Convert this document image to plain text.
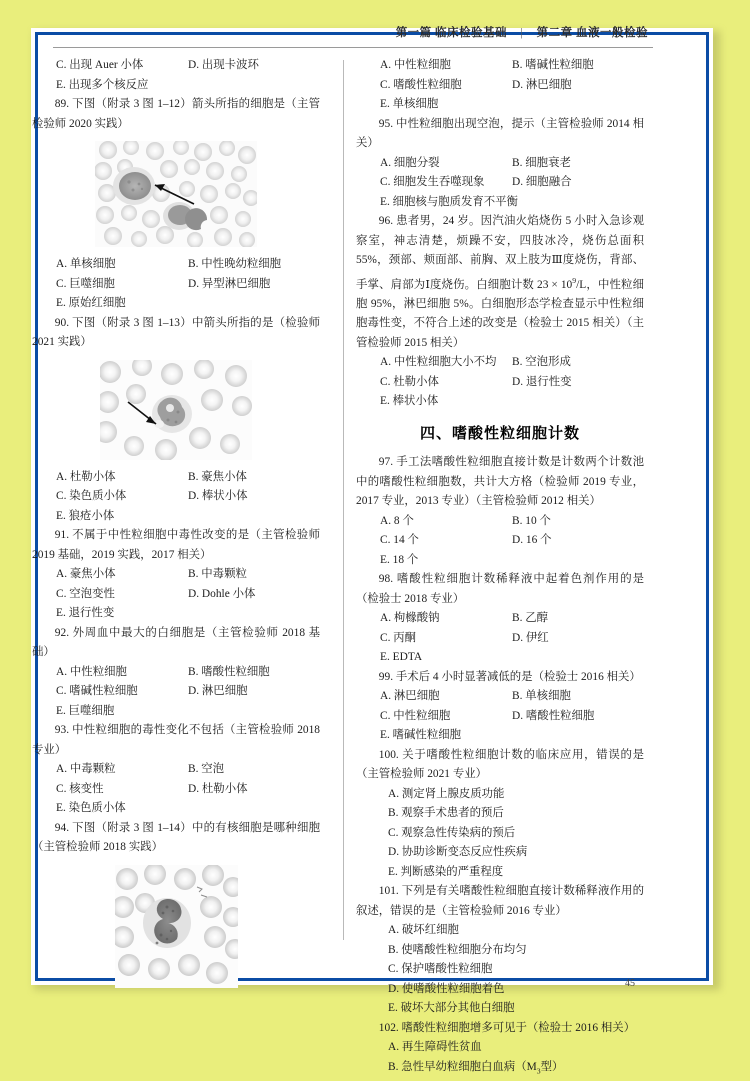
第一篇 临床检验基础 | 第二章 血液一般检验
C. 出现 Auer 小体	D. 出现卡波环
E. 出现多个核反应

89. 下图（附录 3 图 1–12）箭头所指的细胞是（主管检验师 2020 实践）

A. 单核细胞	B. 中性晚幼粒细胞
C. 巨噬细胞	D. 异型淋巴细胞
E. 原始红细胞

90. 下图（附录 3 图 1–13）中箭头所指的是（检验师 2021 实践）

A. 杜勒小体	B. 豪焦小体
C. 染色质小体	D. 棒状小体
E. 狼疮小体

91. 不属于中性粒细胞中毒性改变的是（主管检验师 2019 基础，2019 实践，2017 相关）

A. 豪焦小体	B. 中毒颗粒
C. 空泡变性	D. Dohle 小体
E. 退行性变

92. 外周血中最大的白细胞是（主管检验师 2018 基础）

A. 中性粒细胞	B. 嗜酸性粒细胞
C. 嗜碱性粒细胞	D. 淋巴细胞
E. 巨噬细胞

93. 中性粒细胞的毒性变化不包括（主管检验师 2018 专业）

A. 中毒颗粒	B. 空泡
C. 核变性	D. 杜勒小体
E. 染色质小体

94. 下图（附录 3 图 1–14）中的有核细胞是哪种细胞（主管检验师 2018 实践）

A. 中性粒细胞	B. 嗜碱性粒细胞
C. 嗜酸性粒细胞	D. 淋巴细胞
E. 单核细胞

95. 中性粒细胞出现空泡，提示（主管检验师 2014 相关）

A. 细胞分裂	B. 细胞衰老
C. 细胞发生吞噬现象	D. 细胞融合
E. 细胞核与胞质发育不平衡

96. 患者男，24 岁。因汽油火焰烧伤 5 小时入急诊观察室，神志清楚，烦躁不安，四肢冰冷，烧伤总面积 55%，颈部、颊面部、前胸、双上肢为Ⅲ度烧伤，背部、手掌、肩部为Ⅰ度烧伤。白细胞计数 $23 \times 10^9/L$，中性粒细胞 95%，淋巴细胞 5%。白细胞形态学检查显示中性粒细胞毒性变，不符合上述的改变是（检验士 2015 相关）（主管检验师 2015 相关）

A. 中性粒细胞大小不均	B. 空泡形成
C. 杜勒小体	D. 退行性变
E. 棒状小体
四、嗜酸性粒细胞计数

97. 手工法嗜酸性粒细胞直接计数是计数两个计数池中的嗜酸性粒细胞数，共计大方格（检验师 2019 专业，2017 专业，2013 专业）（主管检验师 2012 相关）

A. 8 个	B. 10 个
C. 14 个	D. 16 个
E. 18 个

98. 嗜酸性粒细胞计数稀释液中起着色剂作用的是（检验士 2018 专业）

A. 枸橼酸钠	B. 乙醇
C. 丙酮	D. 伊红
E. EDTA

99. 手术后 4 小时显著减低的是（检验士 2016 相关）

A. 淋巴细胞	B. 单核细胞
C. 中性粒细胞	D. 嗜酸性粒细胞
E. 嗜碱性粒细胞

100. 关于嗜酸性粒细胞计数的临床应用，错误的是（主管检验师 2021 专业）

A. 测定肾上腺皮质功能
B. 观察手术患者的预后
C. 观察急性传染病的预后
D. 协助诊断变态反应性疾病
E. 判断感染的严重程度

101. 下列是有关嗜酸性粒细胞直接计数稀释液作用的叙述，错误的是（主管检验师 2016 专业）

A. 破坏红细胞
B. 使嗜酸性粒细胞分布均匀
C. 保护嗜酸性粒细胞
D. 使嗜酸性粒细胞着色
E. 破坏大部分其他白细胞

102. 嗜酸性粒细胞增多可见于（检验士 2016 相关）

A. 再生障碍性贫血
B. 急性早幼粒细胞白血病（$M_3$型）
45
